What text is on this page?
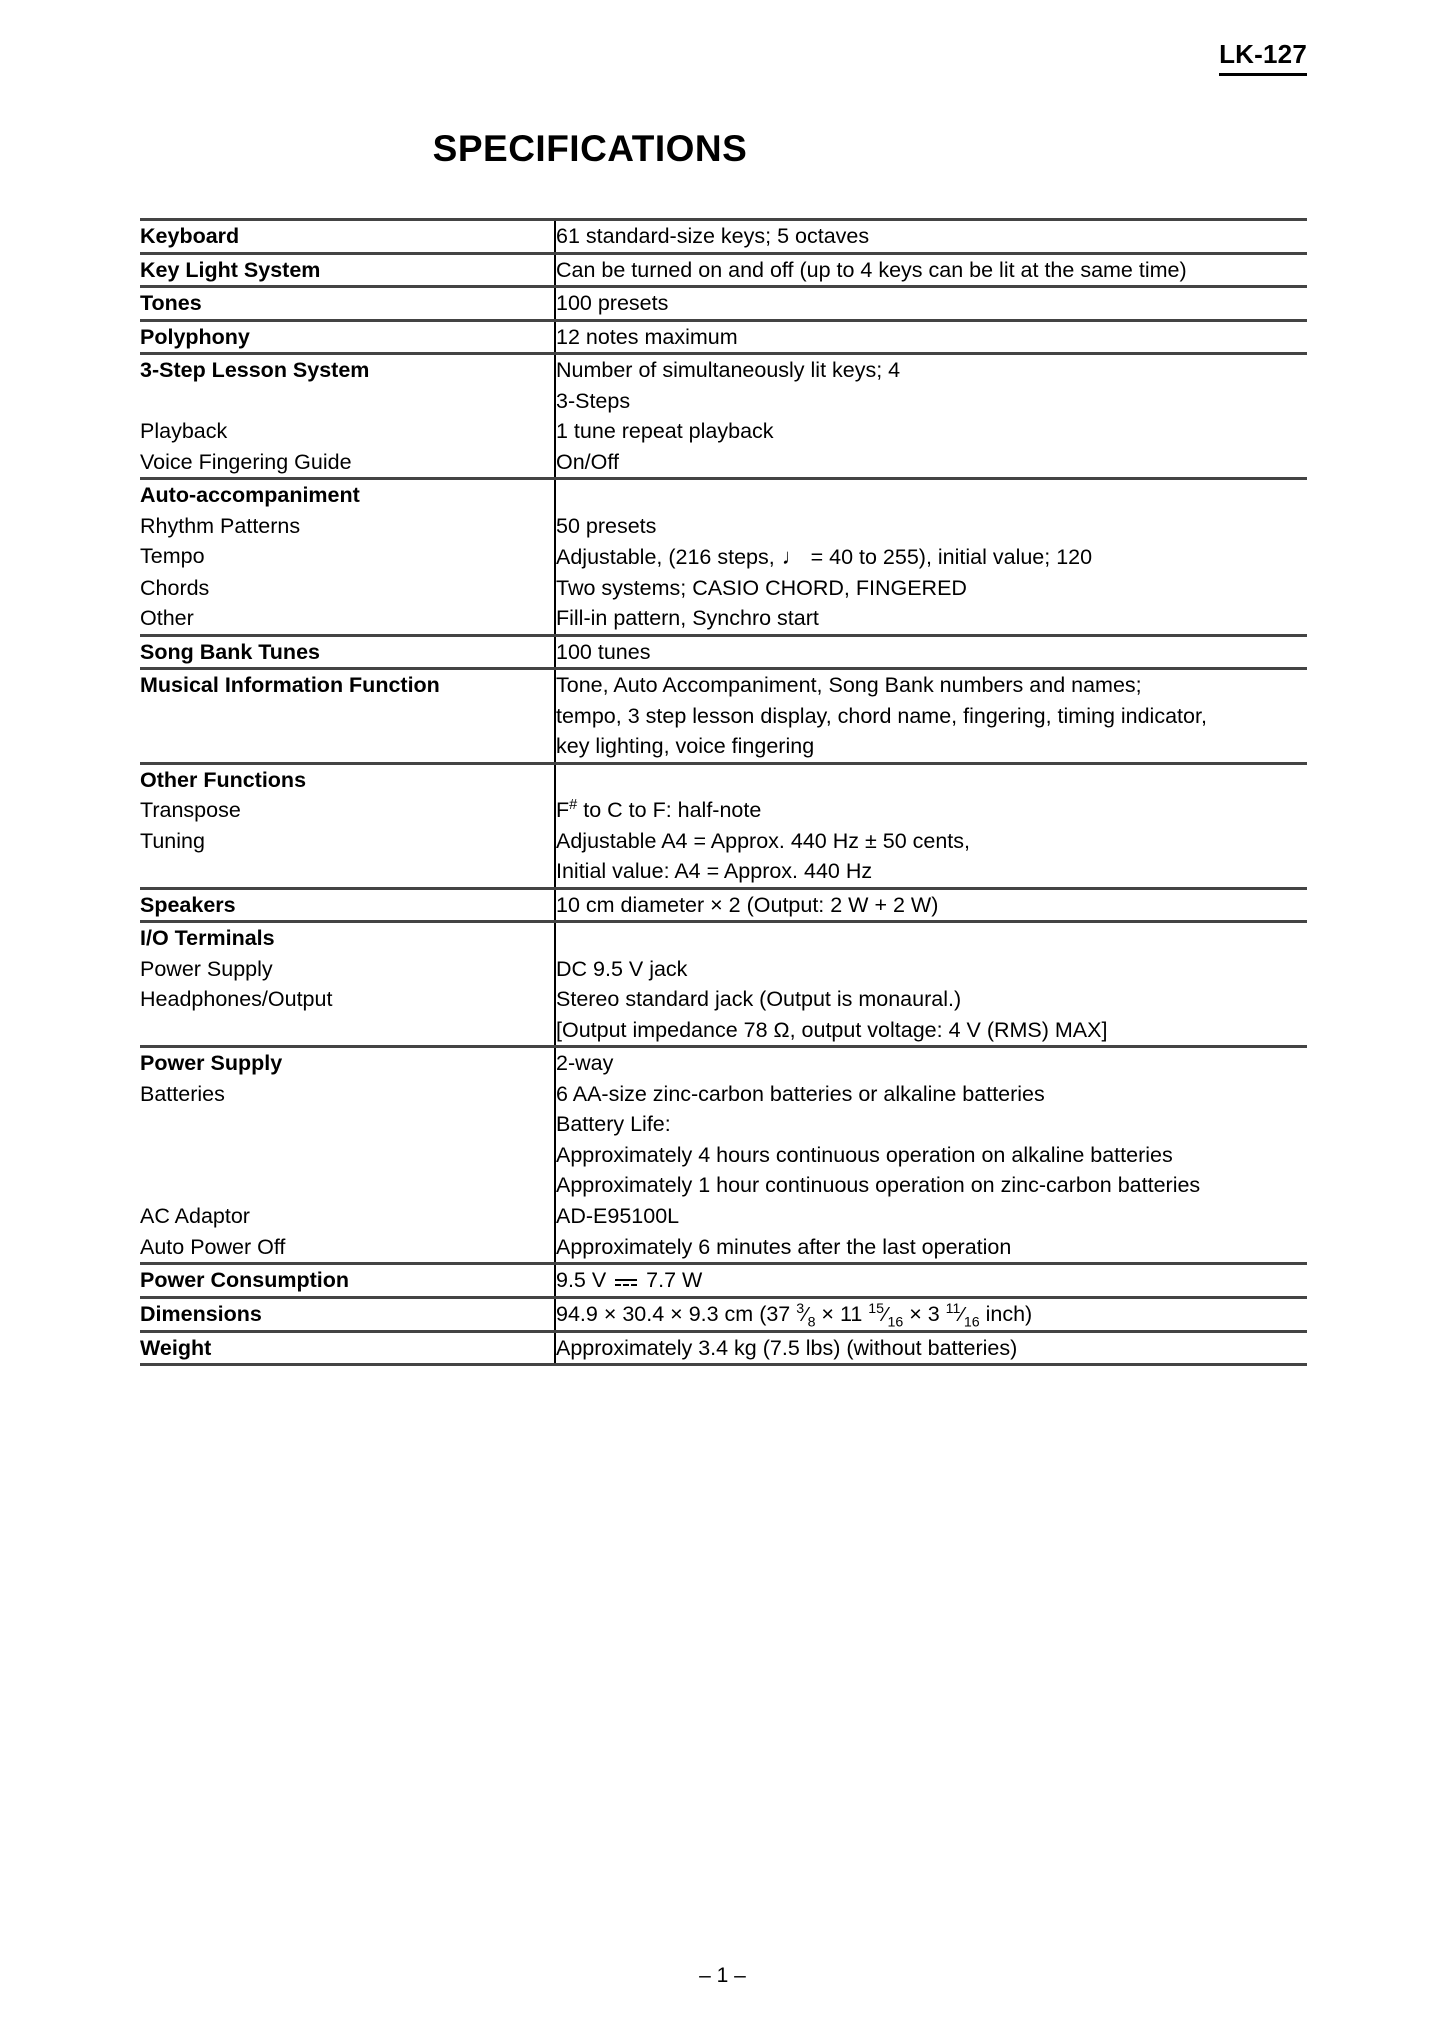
LK-127
SPECIFICATIONS
Keyboard	61 standard-size keys; 5 octaves

Key Light System	Can be turned on and off (up to 4 keys can be lit at the same time)

Tones	100 presets

Polyphony	12 notes maximum

3-Step Lesson System	Number of simultaneously lit keys; 4
3-Steps

Playback	1 tune repeat playback

Voice Fingering Guide	On/Off

Auto-accompaniment	

Rhythm Patterns	50 presets

Tempo	Adjustable, (216 steps, ♩ = 40 to 255), initial value; 120

Chords	Two systems; CASIO CHORD, FINGERED

Other	Fill-in pattern, Synchro start

Song Bank Tunes	100 tunes

Musical Information Function	Tone, Auto Accompaniment, Song Bank numbers and names;
tempo, 3 step lesson display, chord name, fingering, timing indicator,
key lighting, voice fingering

Other Functions	

Transpose	F# to C to F: half-note

Tuning	Adjustable A4 = Approx. 440 Hz ± 50 cents,
Initial value: A4 = Approx. 440 Hz

Speakers	10 cm diameter × 2 (Output: 2 W + 2 W)

I/O Terminals	

Power Supply	DC 9.5 V jack

Headphones/Output	Stereo standard jack (Output is monaural.)
[Output impedance 78 Ω, output voltage: 4 V (RMS) MAX]

Power Supply	2-way

Batteries	6 AA-size zinc-carbon batteries or alkaline batteries
Battery Life:
Approximately 4 hours continuous operation on alkaline batteries
Approximately 1 hour continuous operation on zinc-carbon batteries

AC Adaptor	AD-E95100L

Auto Power Off	Approximately 6 minutes after the last operation

Power Consumption	9.5 V  7.7 W

Dimensions	94.9 × 30.4 × 9.3 cm (37 $^3⁄_8 \times 11$ $^{15}⁄_{16} \times 3$ $^{11}⁄_{16}$ inch)

Weight	Approximately 3.4 kg (7.5 lbs) (without batteries)
– 1 –
